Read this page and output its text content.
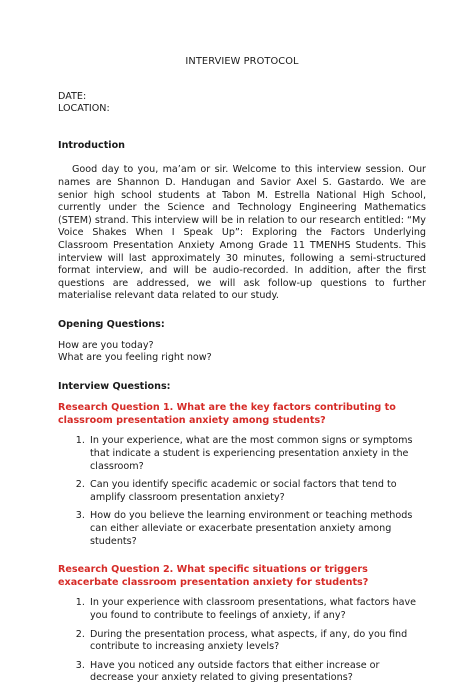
INTERVIEW PROTOCOL
DATE:
LOCATION:
Introduction

Good day to you, ma’am or sir. Welcome to this interview session. Our names are Shannon D. Handugan and Savior Axel S. Gastardo. We are senior high school students at Tabon M. Estrella National High School, currently under the Science and Technology Engineering Mathematics (STEM) strand. This interview will be in relation to our research entitled: “My Voice Shakes When I Speak Up”: Exploring the Factors Underlying Classroom Presentation Anxiety Among Grade 11 TMENHS Students. This interview will last approximately 30 minutes, following a semi-structured format interview, and will be audio-recorded. In addition, after the first questions are addressed, we will ask follow-up questions to further materialise relevant data related to our study.

Opening Questions:
How are you today?
What are you feeling right now?
Interview Questions:
Research Question 1. What are the key factors contributing to classroom presentation anxiety among students?
1. In your experience, what are the most common signs or symptoms that indicate a student is experiencing presentation anxiety in the classroom?
2. Can you identify specific academic or social factors that tend to amplify classroom presentation anxiety?
3. How do you believe the learning environment or teaching methods can either alleviate or exacerbate presentation anxiety among students?
Research Question 2. What specific situations or triggers exacerbate classroom presentation anxiety for students?
1. In your experience with classroom presentations, what factors have you found to contribute to feelings of anxiety, if any?
2. During the presentation process, what aspects, if any, do you find contribute to increasing anxiety levels?
3. Have you noticed any outside factors that either increase or decrease your anxiety related to giving presentations?
